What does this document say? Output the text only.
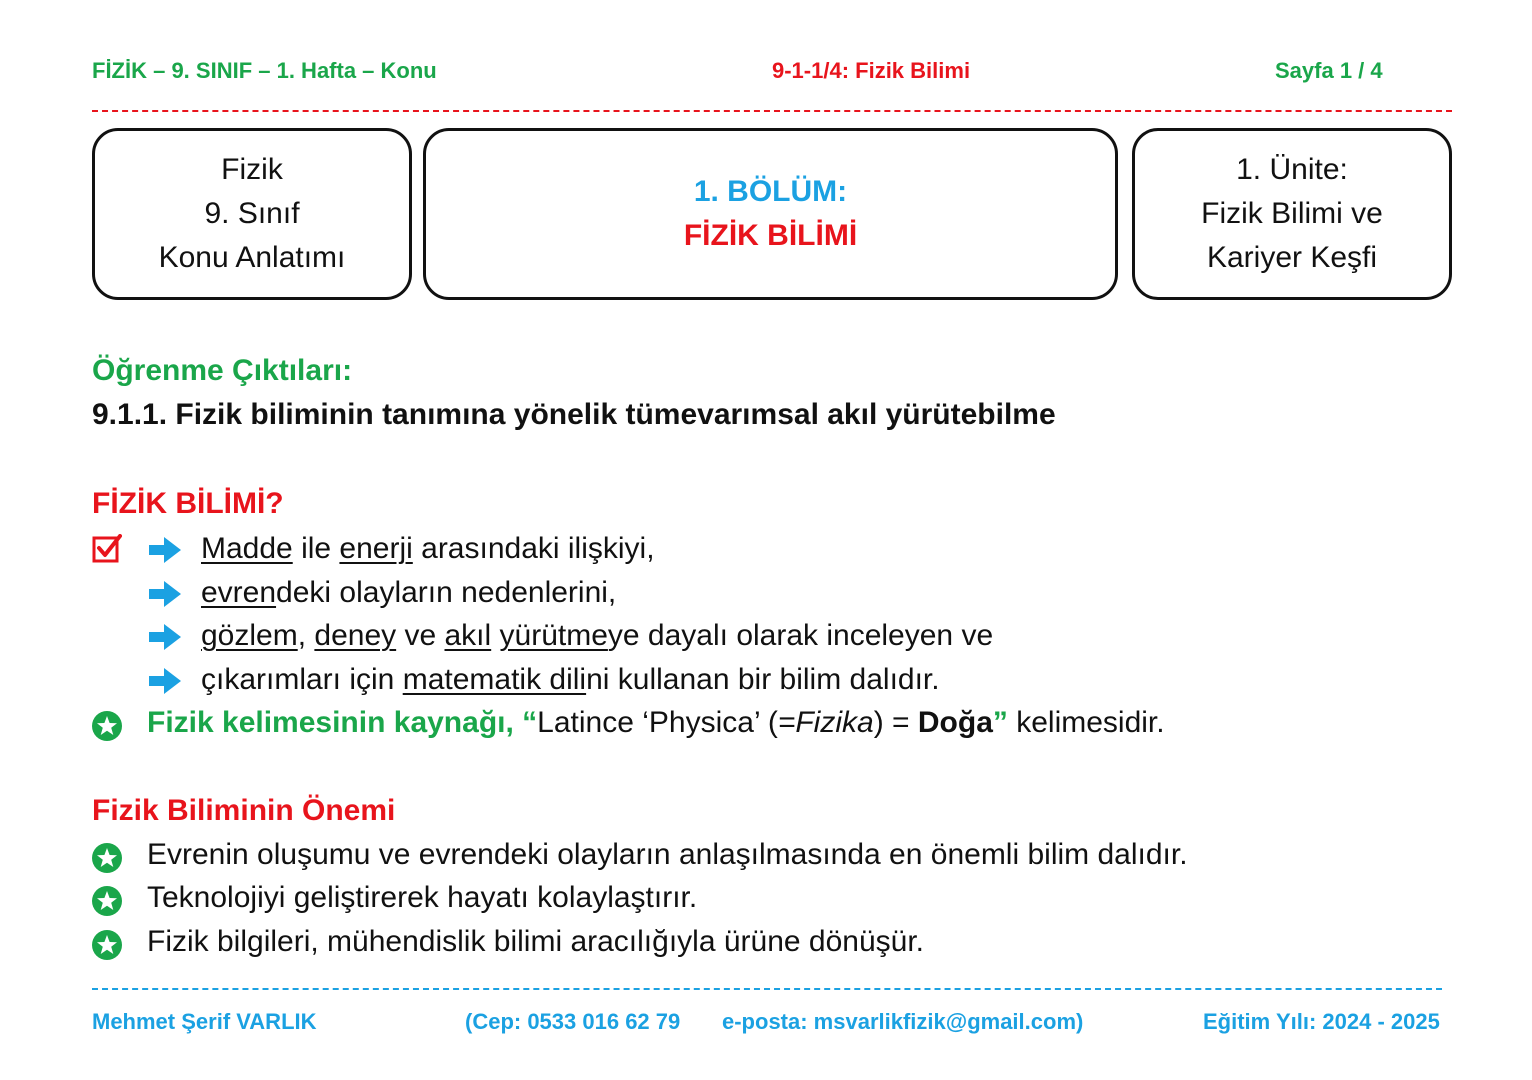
FİZİK – 9. SINIF – 1. Hafta – Konu	9-1-1/4: Fizik Bilimi	Sayfa 1 / 4
Fizik
9. Sınıf
Konu Anlatımı
1. BÖLÜM:
FİZİK BİLİMİ
1. Ünite:
Fizik Bilimi ve
Kariyer Keşfi
Öğrenme Çıktıları:
9.1.1. Fizik biliminin tanımına yönelik tümevarımsal akıl yürütebilme
FİZİK BİLİMİ?
Madde ile enerji arasındaki ilişkiyi,
evrendeki olayların nedenlerini,
gözlem, deney ve akıl yürütmeye dayalı olarak inceleyen ve
çıkarımları için matematik dilini kullanan bir bilim dalıdır.
Fizik kelimesinin kaynağı, “Latince ‘Physica’ (=Fizika) = Doğa” kelimesidir.
Fizik Biliminin Önemi
Evrenin oluşumu ve evrendeki olayların anlaşılmasında en önemli bilim dalıdır.
Teknolojiyi geliştirerek hayatı kolaylaştırır.
Fizik bilgileri, mühendislik bilimi aracılığıyla ürüne dönüşür.
Mehmet Şerif VARLIK	(Cep: 0533 016 62 79 e-posta: msvarlikfizik@gmail.com)	Eğitim Yılı: 2024 - 2025
